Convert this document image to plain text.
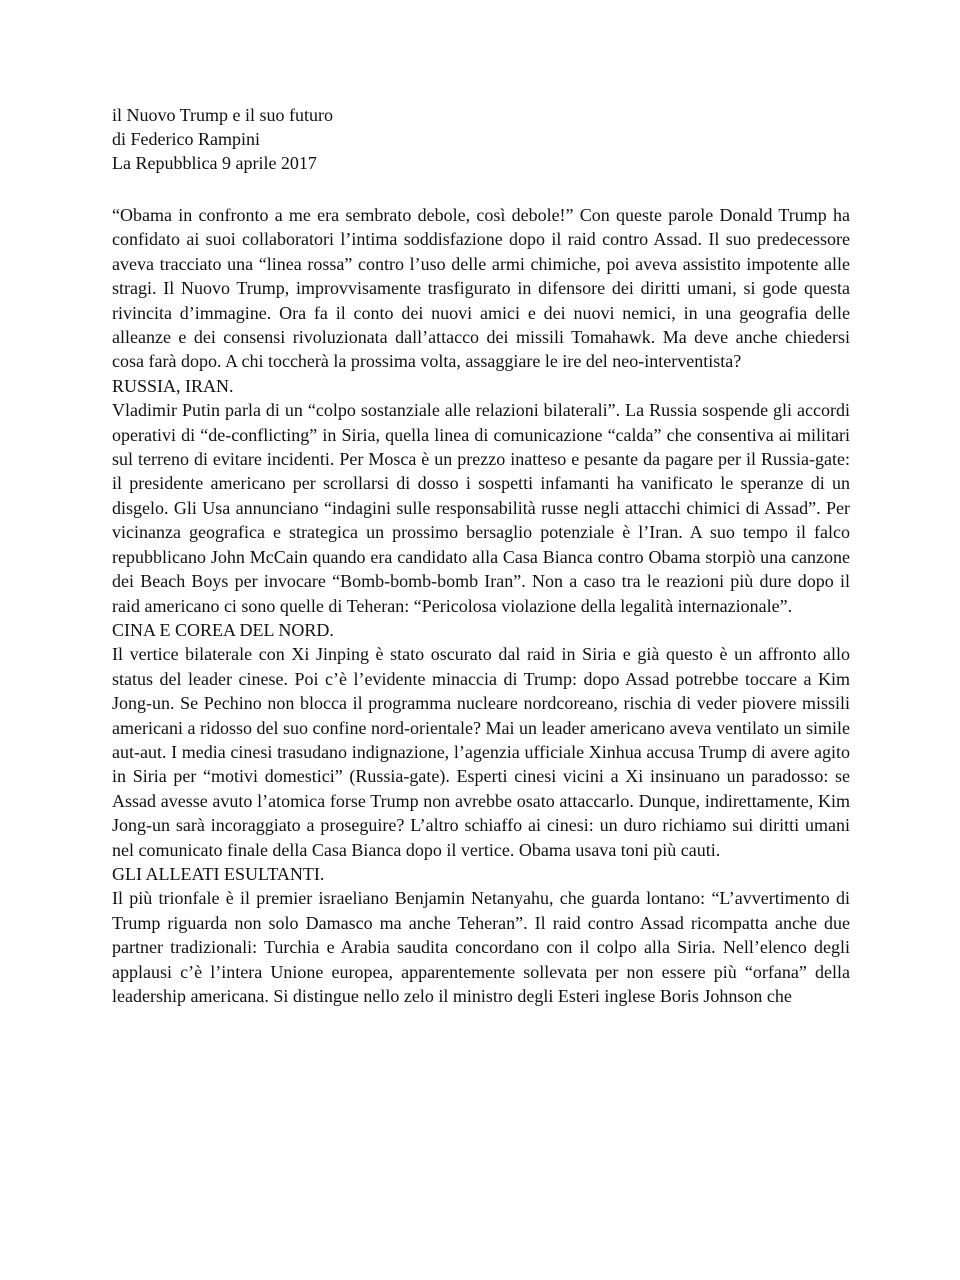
il Nuovo Trump e il suo futuro
di Federico Rampini
La Repubblica 9 aprile 2017

“Obama in confronto a me era sembrato debole, così debole!” Con queste parole Donald Trump ha confidato ai suoi collaboratori l’intima soddisfazione dopo il raid contro Assad. Il suo predecessore aveva tracciato una “linea rossa” contro l’uso delle armi chimiche, poi aveva assistito impotente alle stragi. Il Nuovo Trump, improvvisamente trasfigurato in difensore dei diritti umani, si gode questa rivincita d’immagine. Ora fa il conto dei nuovi amici e dei nuovi nemici, in una geografia delle alleanze e dei consensi rivoluzionata dall’attacco dei missili Tomahawk. Ma deve anche chiedersi cosa farà dopo. A chi toccherà la prossima volta, assaggiare le ire del neo-interventista?

RUSSIA, IRAN.

Vladimir Putin parla di un “colpo sostanziale alle relazioni bilaterali”. La Russia sospende gli accordi operativi di “de-conflicting” in Siria, quella linea di comunicazione “calda” che consentiva ai militari sul terreno di evitare incidenti. Per Mosca è un prezzo inatteso e pesante da pagare per il Russia-gate: il presidente americano per scrollarsi di dosso i sospetti infamanti ha vanificato le speranze di un disgelo. Gli Usa annunciano “indagini sulle responsabilità russe negli attacchi chimici di Assad”. Per vicinanza geografica e strategica un prossimo bersaglio potenziale è l’Iran. A suo tempo il falco repubblicano John McCain quando era candidato alla Casa Bianca contro Obama storpiò una canzone dei Beach Boys per invocare “Bomb-bomb-bomb Iran”. Non a caso tra le reazioni più dure dopo il raid americano ci sono quelle di Teheran: “Pericolosa violazione della legalità internazionale”.

CINA E COREA DEL NORD.

Il vertice bilaterale con Xi Jinping è stato oscurato dal raid in Siria e già questo è un affronto allo status del leader cinese. Poi c’è l’evidente minaccia di Trump: dopo Assad potrebbe toccare a Kim Jong-un. Se Pechino non blocca il programma nucleare nordcoreano, rischia di veder piovere missili americani a ridosso del suo confine nord-orientale? Mai un leader americano aveva ventilato un simile aut-aut. I media cinesi trasudano indignazione, l’agenzia ufficiale Xinhua accusa Trump di avere agito in Siria per “motivi domestici” (Russia-gate). Esperti cinesi vicini a Xi insinuano un paradosso: se Assad avesse avuto l’atomica forse Trump non avrebbe osato attaccarlo. Dunque, indirettamente, Kim Jong-un sarà incoraggiato a proseguire? L’altro schiaffo ai cinesi: un duro richiamo sui diritti umani nel comunicato finale della Casa Bianca dopo il vertice. Obama usava toni più cauti.

GLI ALLEATI ESULTANTI.

Il più trionfale è il premier israeliano Benjamin Netanyahu, che guarda lontano: “L’avvertimento di Trump riguarda non solo Damasco ma anche Teheran”. Il raid contro Assad ricompatta anche due partner tradizionali: Turchia e Arabia saudita concordano con il colpo alla Siria. Nell’elenco degli applausi c’è l’intera Unione europea, apparentemente sollevata per non essere più “orfana” della leadership americana. Si distingue nello zelo il ministro degli Esteri inglese Boris Johnson che
